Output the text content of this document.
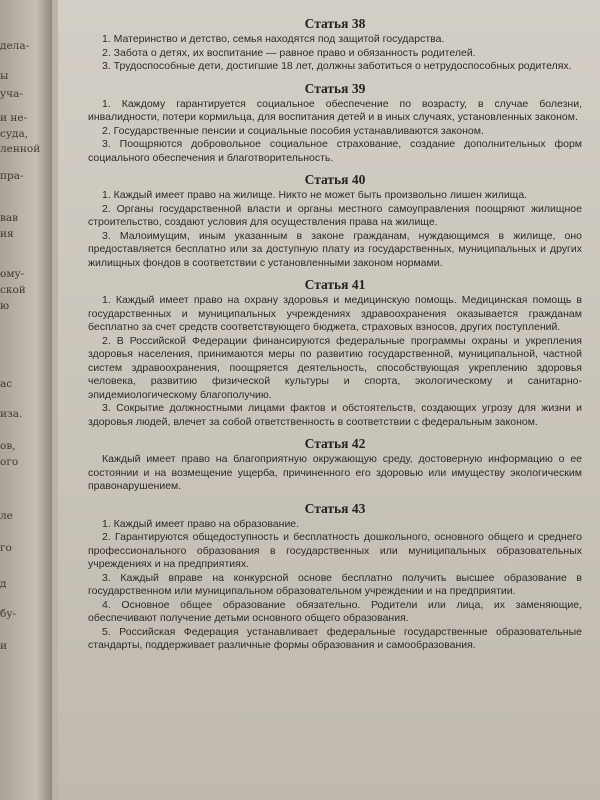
делa-
ы
уча-
и не-
суда,
ленной
пра-
вав
ия
ому-
ской
ю
ас
иза.
ов,
ого
ле
го
д
бу-
и
Статья 38

1. Материнство и детство, семья находятся под защитой государства.

2. Забота о детях, их воспитание — равное право и обязанность родителей.

3. Трудоспособные дети, достигшие 18 лет, должны заботиться о нетрудоспособных родителях.

Статья 39

1. Каждому гарантируется социальное обеспечение по возрасту, в случае болезни, инвалидности, потери кормильца, для воспитания детей и в иных случаях, установленных законом.

2. Государственные пенсии и социальные пособия устанавливаются законом.

3. Поощряются добровольное социальное страхование, создание дополнительных форм социального обеспечения и благотворительность.

Статья 40

1. Каждый имеет право на жилище. Никто не может быть произвольно лишен жилища.

2. Органы государственной власти и органы местного самоуправления поощряют жилищное строительство, создают условия для осуществления права на жилище.

3. Малоимущим, иным указанным в законе гражданам, нуждающимся в жилище, оно предоставляется бесплатно или за доступную плату из государственных, муниципальных и других жилищных фондов в соответствии с установленными законом нормами.

Статья 41

1. Каждый имеет право на охрану здоровья и медицинскую помощь. Медицинская помощь в государственных и муниципальных учреждениях здравоохранения оказывается гражданам бесплатно за счет средств соответствующего бюджета, страховых взносов, других поступлений.

2. В Российской Федерации финансируются федеральные программы охраны и укрепления здоровья населения, принимаются меры по развитию государственной, муниципальной, частной систем здравоохранения, поощряется деятельность, способствующая укреплению здоровья человека, развитию физической культуры и спорта, экологическому и санитарно-эпидемиологическому благополучию.

3. Сокрытие должностными лицами фактов и обстоятельств, создающих угрозу для жизни и здоровья людей, влечет за собой ответственность в соответствии с федеральным законом.

Статья 42

Каждый имеет право на благоприятную окружающую среду, достоверную информацию о ее состоянии и на возмещение ущерба, причиненного его здоровью или имуществу экологическим правонарушением.

Статья 43

1. Каждый имеет право на образование.

2. Гарантируются общедоступность и бесплатность дошкольного, основного общего и среднего профессионального образования в государственных или муниципальных образовательных учреждениях и на предприятиях.

3. Каждый вправе на конкурсной основе бесплатно получить высшее образование в государственном или муниципальном образовательном учреждении и на предприятии.

4. Основное общее образование обязательно. Родители или лица, их заменяющие, обеспечивают получение детьми основного общего образования.

5. Российская Федерация устанавливает федеральные государственные образовательные стандарты, поддерживает различные формы образования и самообразования.
